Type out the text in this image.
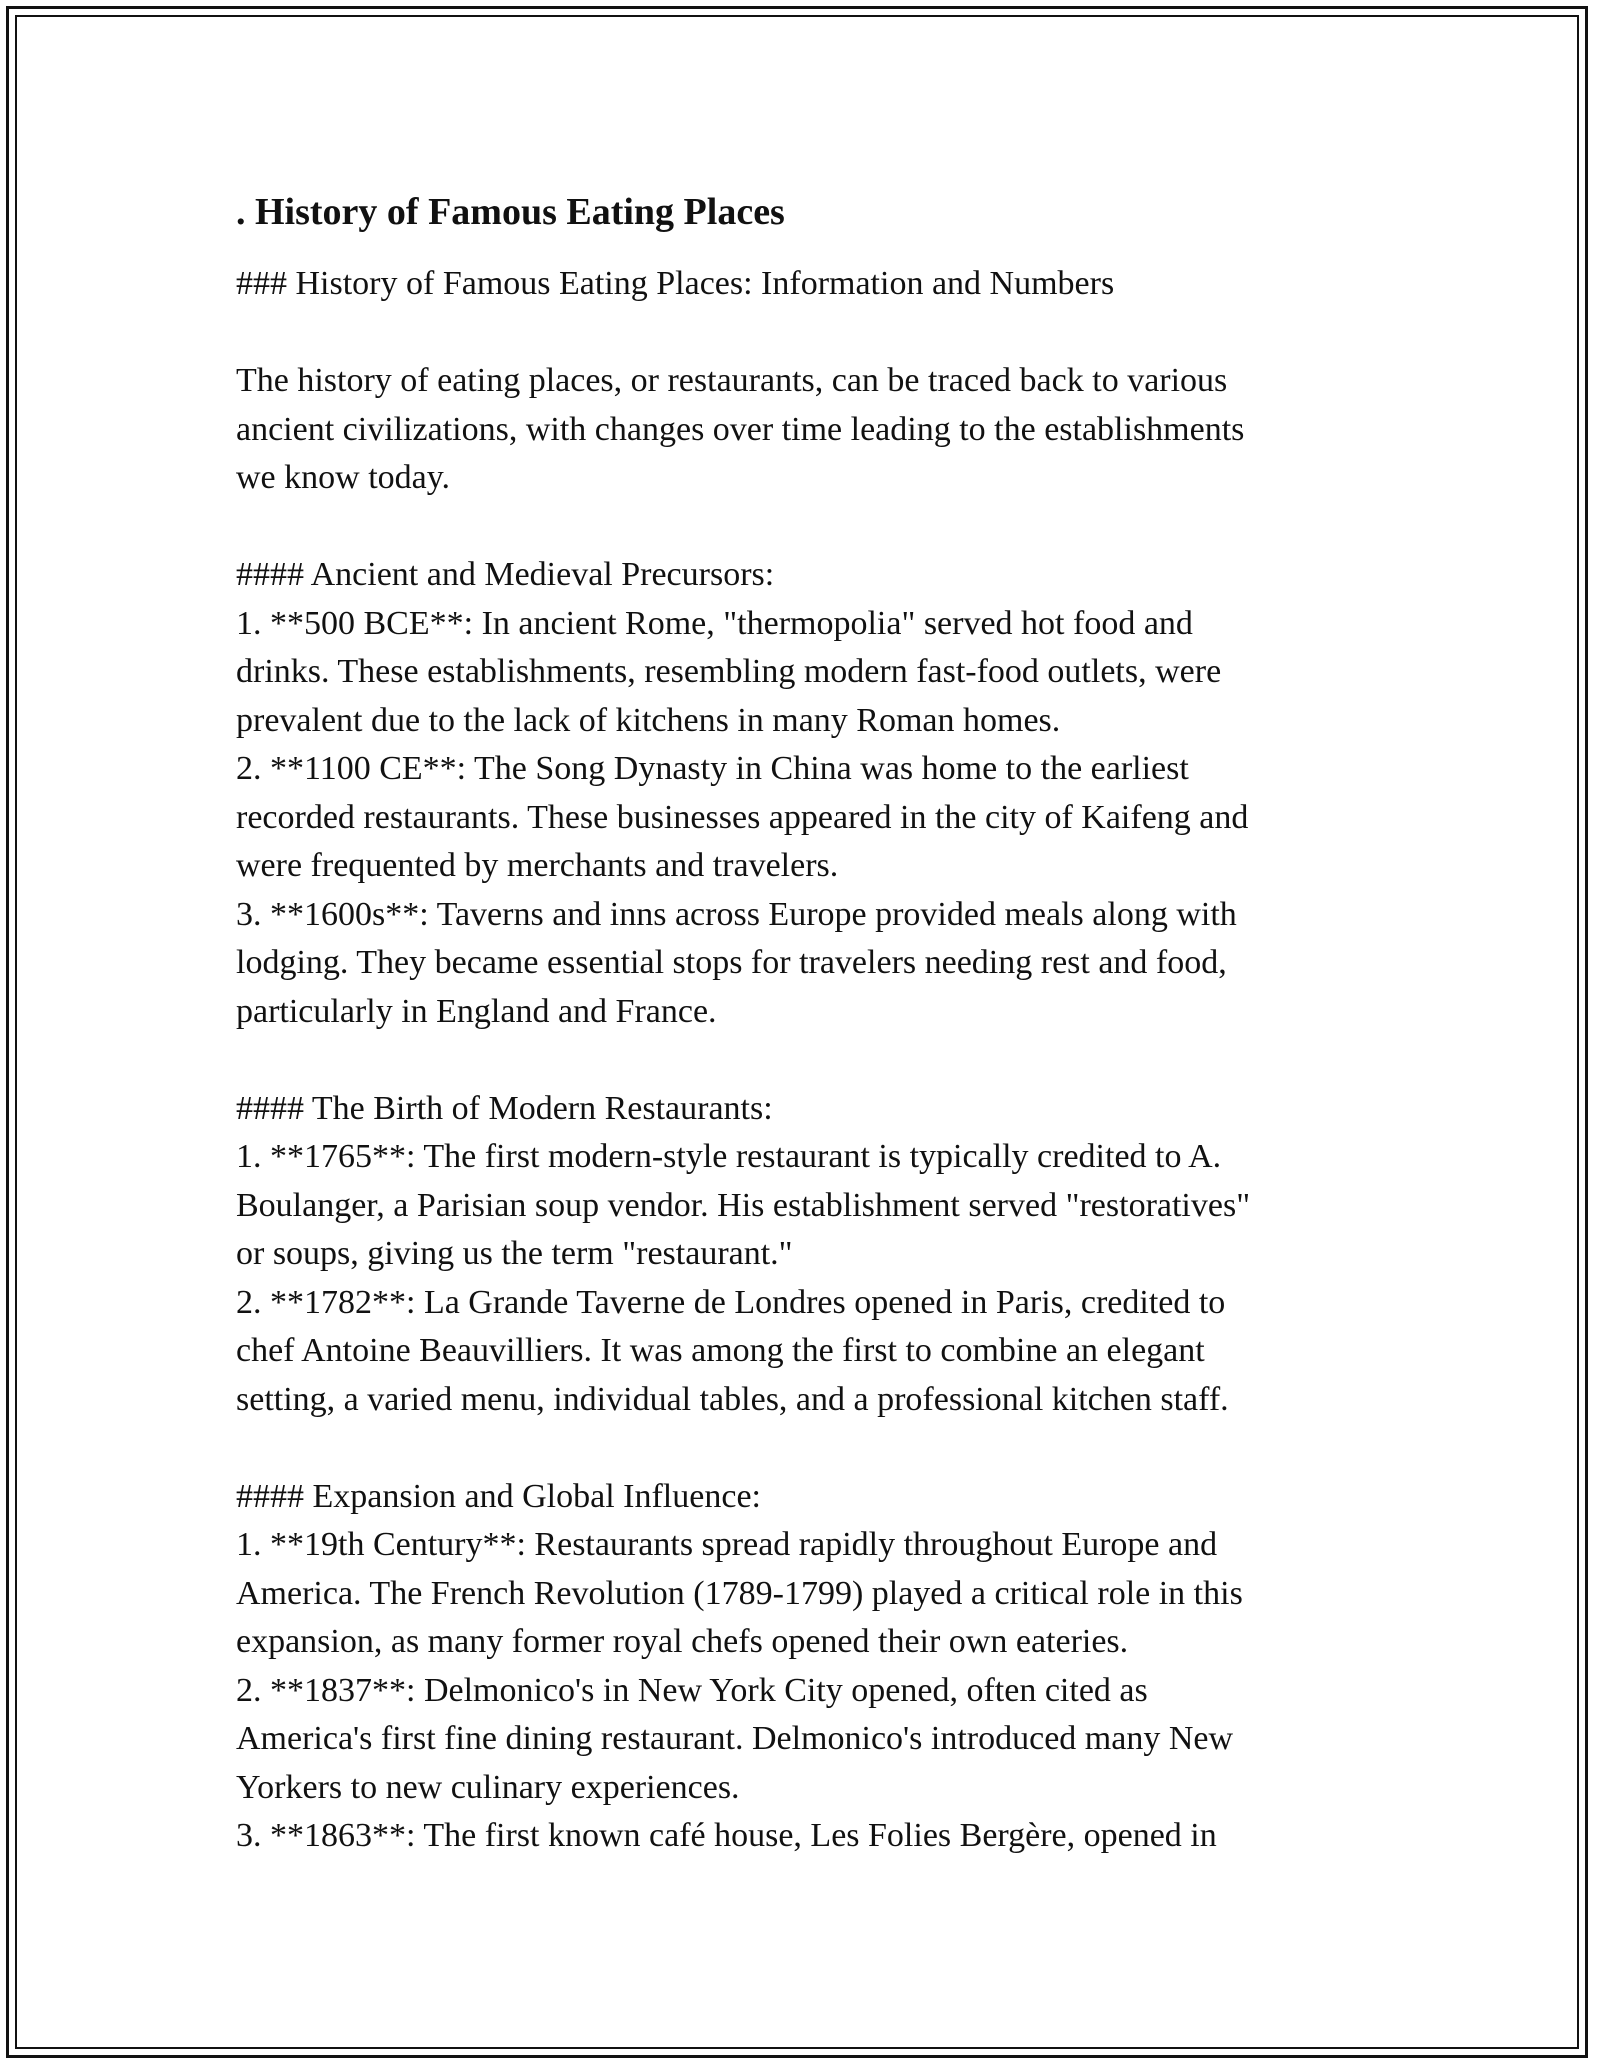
. History of Famous Eating Places

### History of Famous Eating Places: Information and Numbers

The history of eating places, or restaurants, can be traced back to various
ancient civilizations, with changes over time leading to the establishments
we know today.
#### Ancient and Medieval Precursors:
1. **500 BCE**: In ancient Rome, "thermopolia" served hot food and
drinks. These establishments, resembling modern fast-food outlets, were
prevalent due to the lack of kitchens in many Roman homes.
2. **1100 CE**: The Song Dynasty in China was home to the earliest
recorded restaurants. These businesses appeared in the city of Kaifeng and
were frequented by merchants and travelers.
3. **1600s**: Taverns and inns across Europe provided meals along with
lodging. They became essential stops for travelers needing rest and food,
particularly in England and France.
#### The Birth of Modern Restaurants:
1. **1765**: The first modern-style restaurant is typically credited to A.
Boulanger, a Parisian soup vendor. His establishment served "restoratives"
or soups, giving us the term "restaurant."
2. **1782**: La Grande Taverne de Londres opened in Paris, credited to
chef Antoine Beauvilliers. It was among the first to combine an elegant
setting, a varied menu, individual tables, and a professional kitchen staff.
#### Expansion and Global Influence:
1. **19th Century**: Restaurants spread rapidly throughout Europe and
America. The French Revolution (1789-1799) played a critical role in this
expansion, as many former royal chefs opened their own eateries.
2. **1837**: Delmonico's in New York City opened, often cited as
America's first fine dining restaurant. Delmonico's introduced many New
Yorkers to new culinary experiences.
3. **1863**: The first known café house, Les Folies Bergère, opened in
